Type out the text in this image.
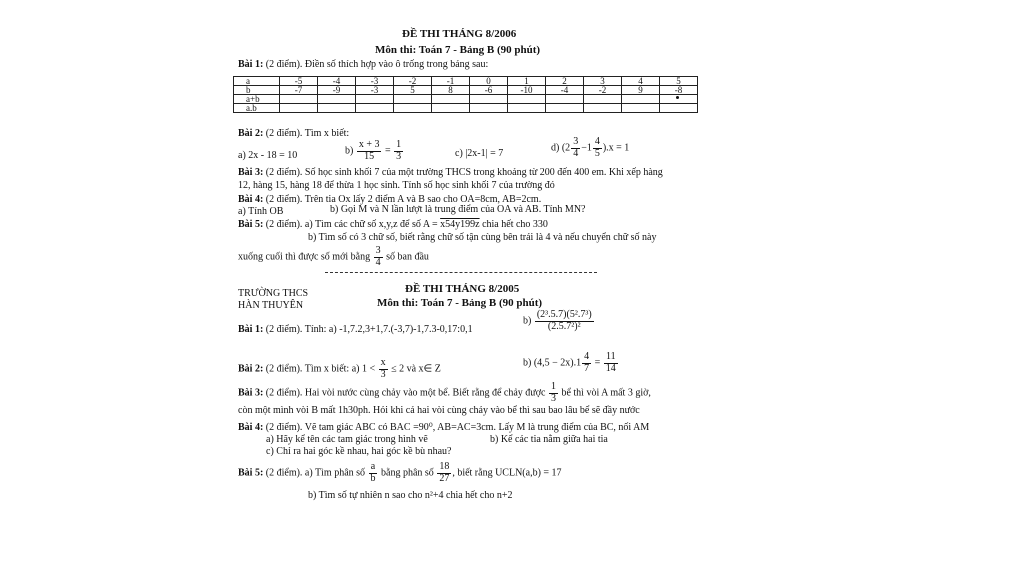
ĐỀ THI THÁNG 8/2006
Môn thi: Toán 7 - Bảng B (90 phút)
Bài 1: (2 điểm). Điền số thích hợp vào ô trống trong bảng sau:
a	-5	-4	-3	-2	-1	0	1	2	3	4	5
b	-7	-9	-3	5	8	-6	-10	-4	-2	9	-8
a+b											
a.b											
Bài 2: (2 điểm). Tìm x biết:
a) 2x - 18 = 10	$b) \frac{x + 3}{15} = \frac{1}{3}$	c) |2x-1| = 7
d) $(2 \frac{3}{4} -1 \frac{4}{5} ).x = 1$
Bài 3: (2 điểm). Số học sinh khối 7 của một trường THCS trong khoảng từ 200 đến 400 em. Khi xếp hàng
12, hàng 15, hàng 18 để thừa 1 học sinh. Tính số học sinh khối 7 của trường đó
Bài 4: (2 điểm). Trên tia Ox lấy 2 điểm A và B sao cho OA=8cm, AB=2cm.
a) Tính OB	b) Gọi M và N lần lượt là trung điểm của OA và AB. Tính MN?
Bài 5: (2 điểm). a) Tìm các chữ số x,y,z để số A = x54y199z chia hết cho 330
b) Tìm số có 3 chữ số, biết rằng chữ số tận cùng bên trái là 4 và nếu chuyển chữ số này
xuống cuối thì được số mới bằng $\frac{3}{4}$ số ban đầu
TRƯỜNG THCS
HÀN THUYÊN
ĐỀ THI THÁNG 8/2005
Môn thi: Toán 7 - Bảng B (90 phút)
Bài 1: (2 điểm). Tính: a) -1,7.2,3+1,7.(-3,7)-1,7.3-0,17:0,1
$b) \frac{\text{(2³.5.7)(5².7³)}}{\text{(2.5.7²)²}}$
Bài 2: (2 điểm). Tìm x biết: a) $1 < \frac{x}{3} \le 2$ và x∈ Z
b) $(4,5 - 2x).1 \frac{4}{7} = \frac{11}{14}$
Bài 3: (2 điểm). Hai vòi nước cùng chảy vào một bể. Biết rằng để chảy được $\frac{1}{3}$ bể thì vòi A mất 3 giờ,
còn một mình vòi B mất 1h30ph. Hỏi khi cả hai vòi cùng chảy vào bể thì sau bao lâu bể sẽ đầy nước
Bài 4: (2 điểm). Vẽ tam giác ABC có BAC =90⁰, AB=AC=3cm. Lấy M là trung điểm của BC, nối AM
a) Hãy kể tên các tam giác trong hình vẽ	b) Kể các tia nằm giữa hai tia
c) Chỉ ra hai góc kề nhau, hai góc kề bù nhau?
Bài 5: (2 điểm). a) Tìm phân số $\frac{a}{b}$ bằng phân số $\frac{18}{27}$ , biết rằng UCLN(a,b) = 17
b) Tìm số tự nhiên n sao cho n²+4 chia hết cho n+2
